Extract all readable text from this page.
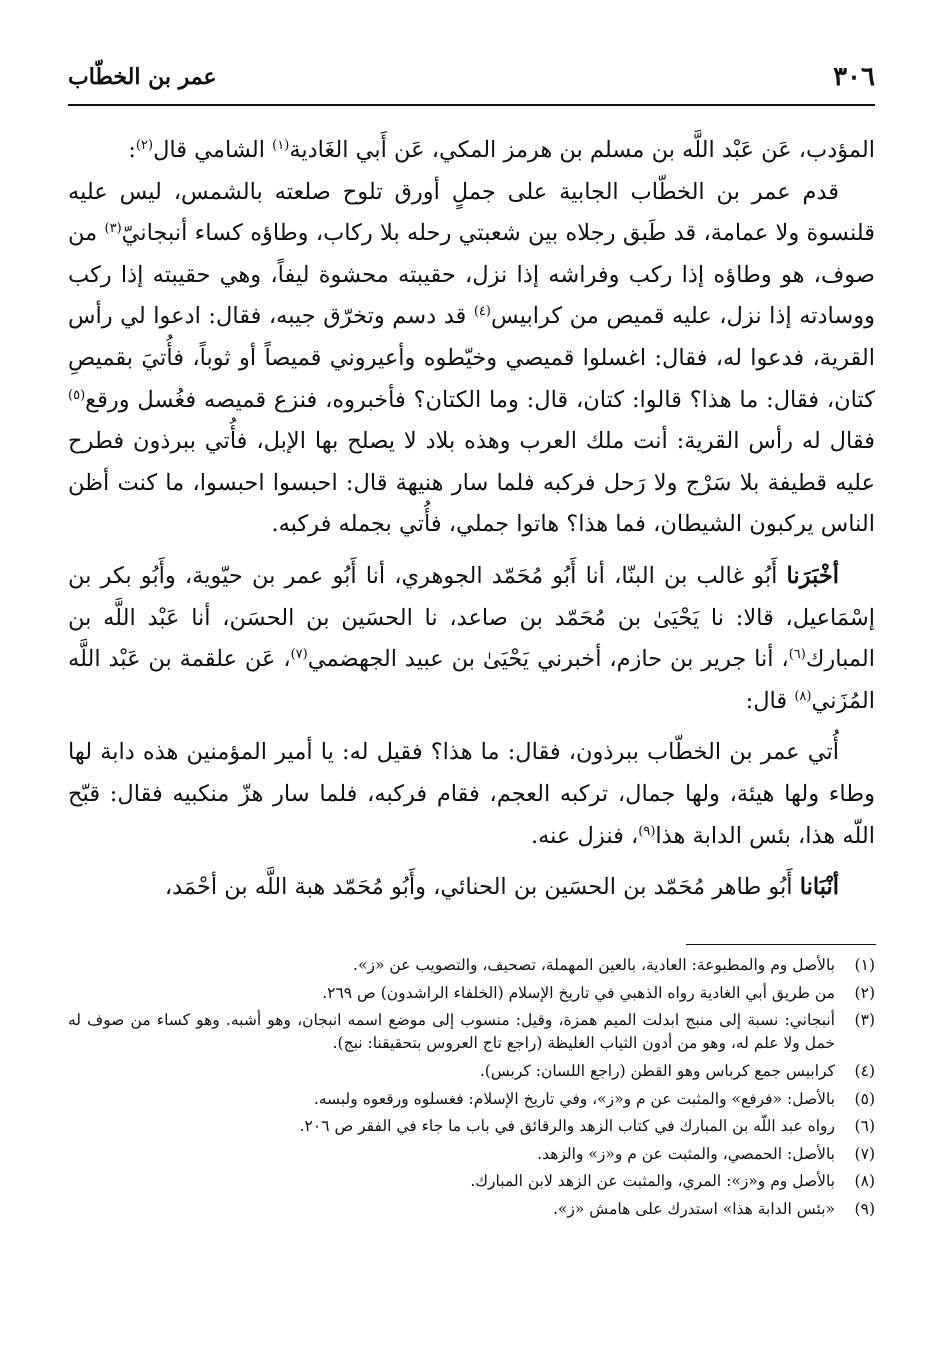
٣٠٦
عمر بن الخطّاب

المؤدب، عَن عَبْد اللَّه بن مسلم بن هرمز المكي، عَن أَبي الغَادية$^{(١)}$ الشامي قال$^{(٢)}$:

قدم عمر بن الخطّاب الجابية على جملٍ أورق تلوح صلعته بالشمس، ليس عليه قلنسوة ولا عمامة، قد طَبق رجلاه بين شعبتي رحله بلا ركاب، وطاؤه كساء أنبجانيّ$^{(٣)}$ من صوف، هو وطاؤه إذا ركب وفراشه إذا نزل، حقيبته محشوة ليفاً، وهي حقيبته إذا ركب ووسادته إذا نزل، عليه قميص من كرابيس$^{(٤)}$ قد دسم وتخرّق جيبه، فقال: ادعوا لي رأس القرية، فدعوا له، فقال: اغسلوا قميصي وخيّطوه وأعيروني قميصاً أو ثوباً، فأُتيَ بقميصِ كتان، فقال: ما هذا؟ قالوا: كتان، قال: وما الكتان؟ فأخبروه، فنزع قميصه فغُسل ورقع$^{(٥)}$ فقال له رأس القرية: أنت ملك العرب وهذه بلاد لا يصلح بها الإبل، فأُتي ببرذون فطرح عليه قطيفة بلا سَرْج ولا رَحل فركبه فلما سار هنيهة قال: احبسوا احبسوا، ما كنت أظن الناس يركبون الشيطان، فما هذا؟ هاتوا جملي، فأُتي بجمله فركبه.

أخْبَرَنا أَبُو غالب بن البنّا، أنا أَبُو مُحَمّد الجوهري، أنا أَبُو عمر بن حيّوية، وأَبُو بكر بن إسْمَاعيل، قالا: نا يَحْيَىٰ بن مُحَمّد بن صاعد، نا الحسَين بن الحسَن، أنا عَبْد اللَّه بن المبارك$^{(٦)}$، أنا جرير بن حازم، أخبرني يَحْيَىٰ بن عبيد الجهضمي$^{(٧)}$، عَن علقمة بن عَبْد اللَّه المُزَني$^{(٨)}$ قال:

أُتي عمر بن الخطّاب ببرذون، فقال: ما هذا؟ فقيل له: يا أمير المؤمنين هذه دابة لها وطاء ولها هيئة، ولها جمال، تركبه العجم، فقام فركبه، فلما سار هزّ منكبيه فقال: قبّح اللّه هذا، بئس الدابة هذا$^{(٩)}$، فنزل عنه.

أنْبَانا أَبُو طاهر مُحَمّد بن الحسَين بن الحنائي، وأَبُو مُحَمّد هبة اللَّه بن أحْمَد،

(١)
بالأصل وم والمطبوعة: العادية، بالعين المهملة، تصحيف، والتصويب عن «ز».
(٢)
من طريق أبي الغادية رواه الذهبي في تاريخ الإسلام (الخلفاء الراشدون) ص ٢٦٩.
(٣)
أنبجاني: نسبة إلى منبج ابدلت الميم همزة، وقيل: منسوب إلى موضع اسمه انبجان، وهو أشبه. وهو كساء من صوف له خمل ولا علم له، وهو من أدون الثياب الغليظة (راجع تاج العروس بتحقيقنا: نبج).
(٤)
كرابيس جمع كرباس وهو القطن (راجع اللسان: كربس).
(٥)
بالأصل: «فرفع» والمثبت عن م و«ز»، وفي تاريخ الإسلام: فغسلوه ورقعوه ولبسه.
(٦)
رواه عبد اللّه بن المبارك في كتاب الزهد والرقائق في باب ما جاء في الفقر ص ٢٠٦.
(٧)
بالأصل: الحمصي، والمثبت عن م و«ز» والزهد.
(٨)
بالأصل وم و«ز»: المري، والمثبت عن الزهد لابن المبارك.
(٩)
«بئس الدابة هذا» استدرك على هامش «ز».
